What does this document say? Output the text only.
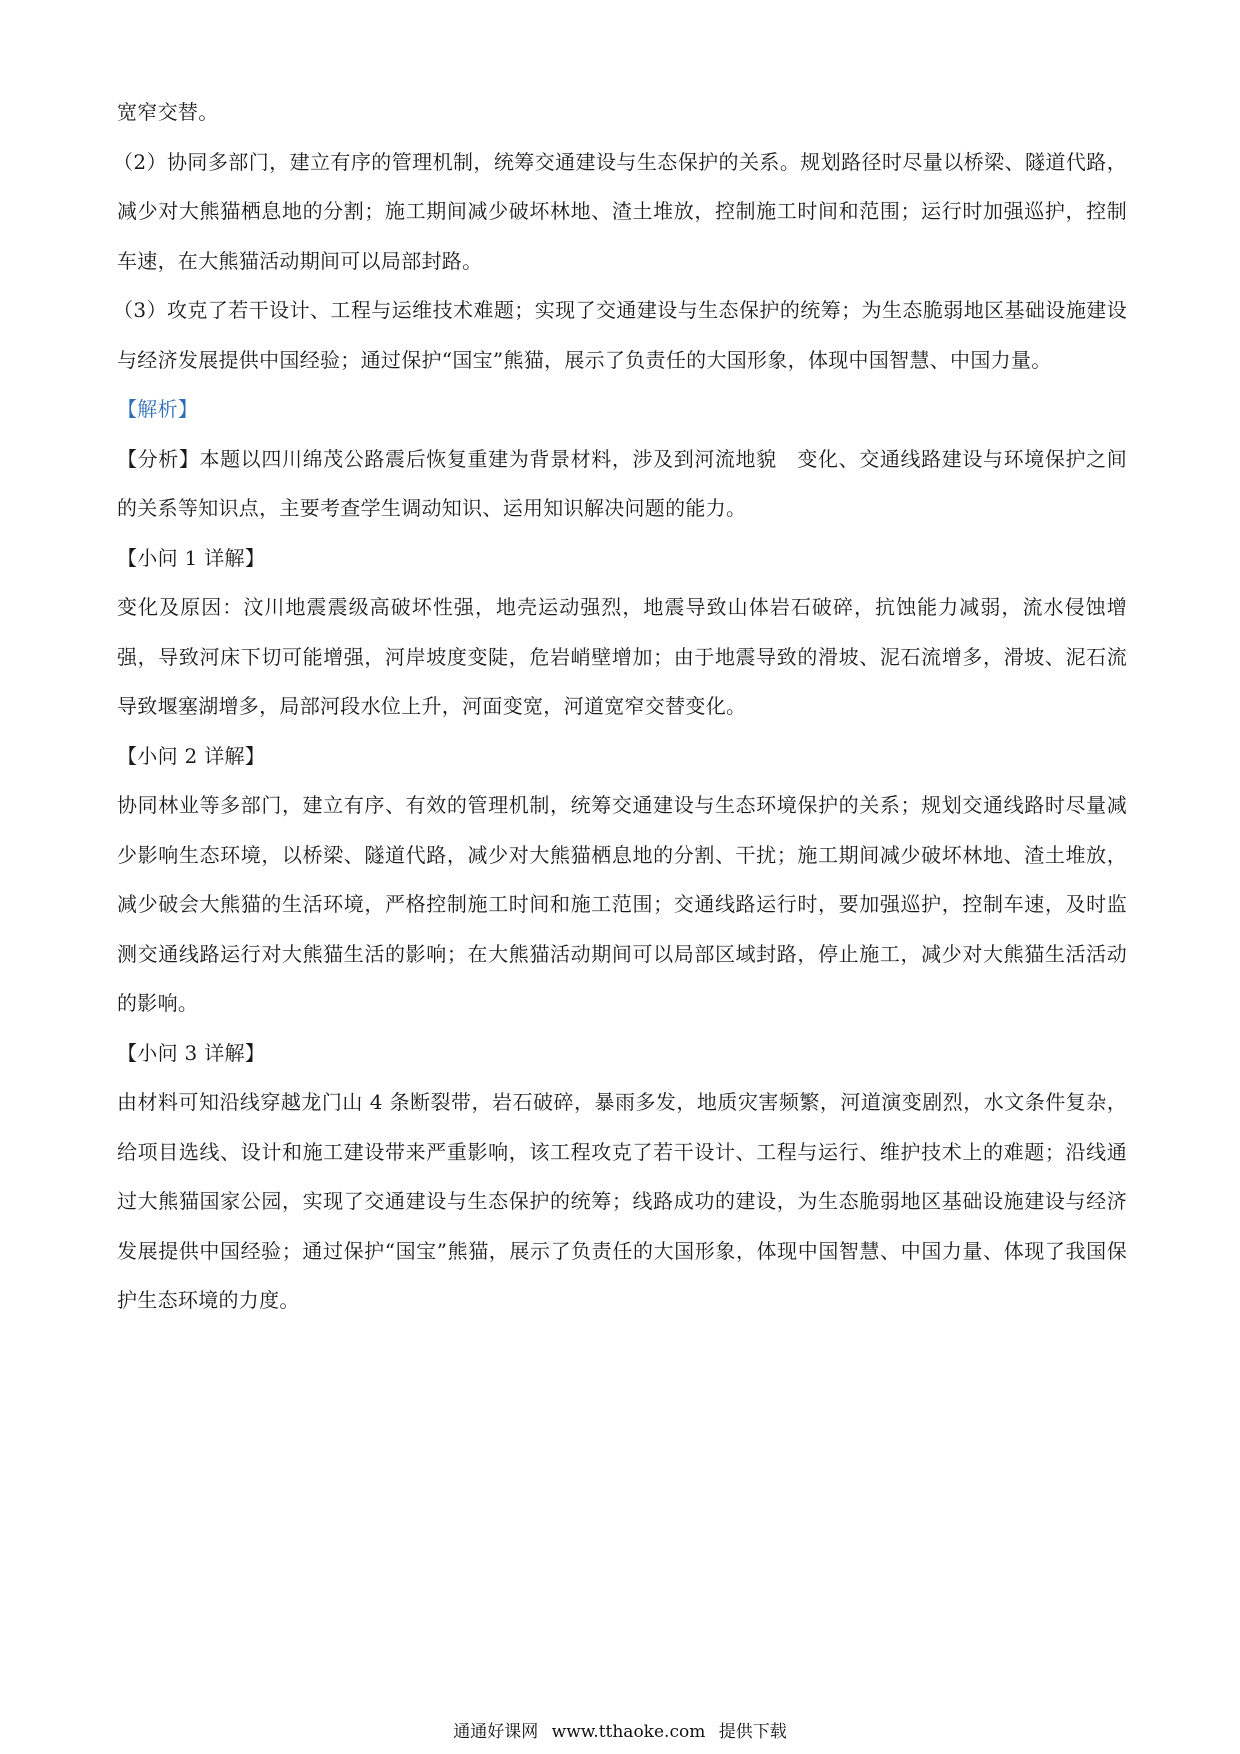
宽窄交替。

（2）协同多部门，建立有序的管理机制，统筹交通建设与生态保护的关系。规划路径时尽量以桥梁、隧道代路，减少对大熊猫栖息地的分割；施工期间减少破坏林地、渣土堆放，控制施工时间和范围；运行时加强巡护，控制车速，在大熊猫活动期间可以局部封路。

（3）攻克了若干设计、工程与运维技术难题；实现了交通建设与生态保护的统筹；为生态脆弱地区基础设施建设与经济发展提供中国经验；通过保护“国宝”熊猫，展示了负责任的大国形象，体现中国智慧、中国力量。

【解析】

【分析】本题以四川绵茂公路震后恢复重建为背景材料，涉及到河流地貌　变化、交通线路建设与环境保护之间的关系等知识点，主要考查学生调动知识、运用知识解决问题的能力。

【小问 1 详解】

变化及原因：汶川地震震级高破坏性强，地壳运动强烈，地震导致山体岩石破碎，抗蚀能力减弱，流水侵蚀增强，导致河床下切可能增强，河岸坡度变陡，危岩峭壁增加；由于地震导致的滑坡、泥石流增多，滑坡、泥石流导致堰塞湖增多，局部河段水位上升，河面变宽，河道宽窄交替变化。

【小问 2 详解】

协同林业等多部门，建立有序、有效的管理机制，统筹交通建设与生态环境保护的关系；规划交通线路时尽量减少影响生态环境，以桥梁、隧道代路，减少对大熊猫栖息地的分割、干扰；施工期间减少破坏林地、渣土堆放，减少破会大熊猫的生活环境，严格控制施工时间和施工范围；交通线路运行时，要加强巡护，控制车速，及时监测交通线路运行对大熊猫生活的影响；在大熊猫活动期间可以局部区域封路，停止施工，减少对大熊猫生活活动的影响。

【小问 3 详解】

由材料可知沿线穿越龙门山 4 条断裂带，岩石破碎，暴雨多发，地质灾害频繁，河道演变剧烈，水文条件复杂，给项目选线、设计和施工建设带来严重影响，该工程攻克了若干设计、工程与运行、维护技术上的难题；沿线通过大熊猫国家公园，实现了交通建设与生态保护的统筹；线路成功的建设，为生态脆弱地区基础设施建设与经济发展提供中国经验；通过保护“国宝”熊猫，展示了负责任的大国形象，体现中国智慧、中国力量、体现了我国保护生态环境的力度。

通通好课网 www.tthaoke.com 提供下载
